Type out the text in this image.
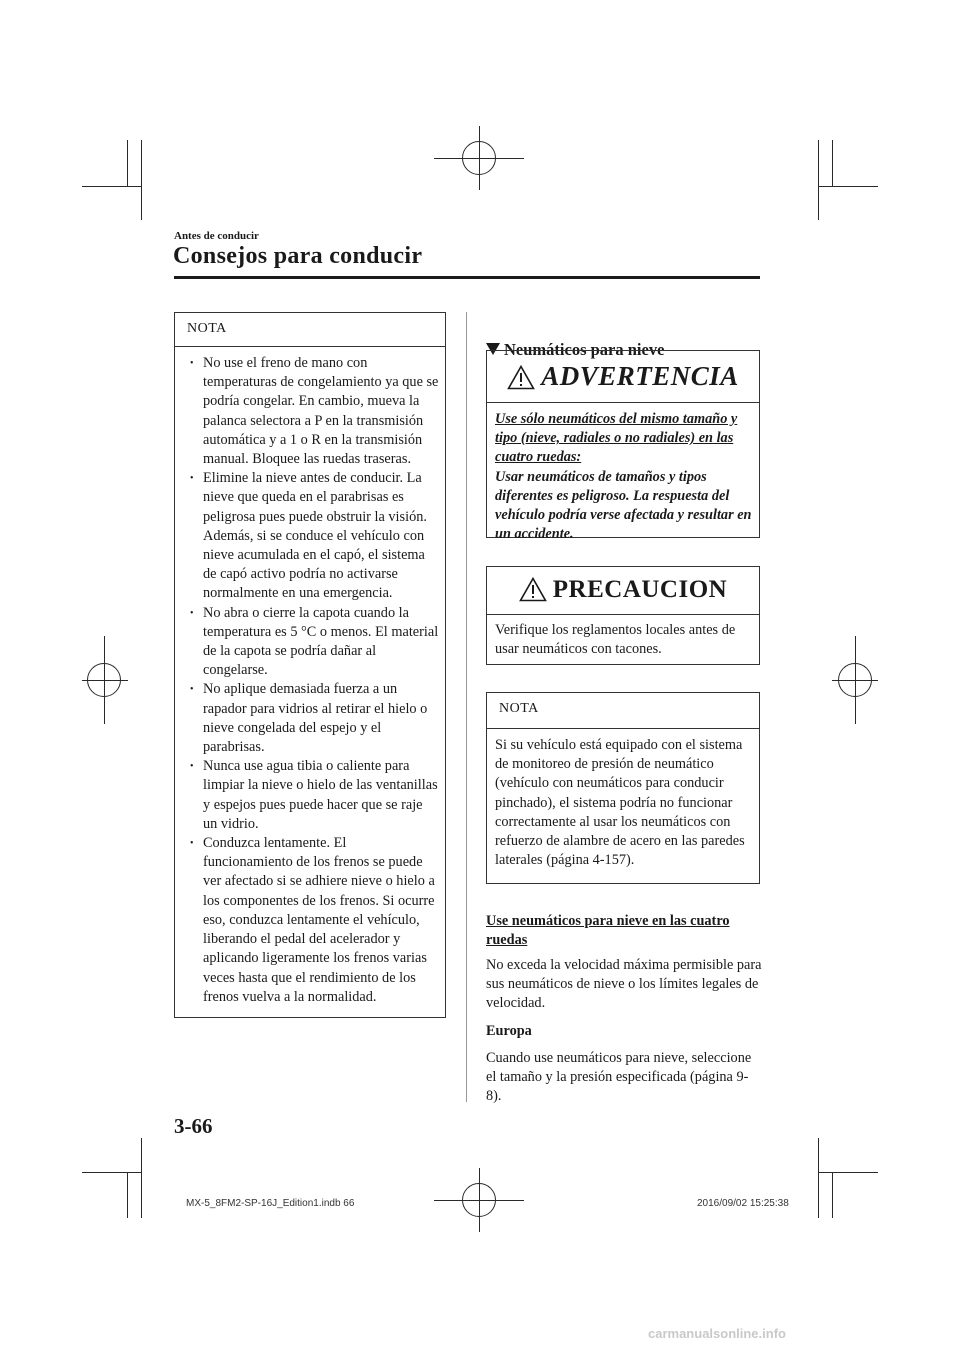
Antes de conducir
Consejos para conducir
NOTA
• No use el freno de mano con temperaturas de congelamiento ya que se podría congelar. En cambio, mueva la palanca selectora a P en la transmisión automática y a 1 o R en la transmisión manual. Bloquee las ruedas traseras.
• Elimine la nieve antes de conducir. La nieve que queda en el parabrisas es peligrosa pues puede obstruir la visión. Además, si se conduce el vehículo con nieve acumulada en el capó, el sistema de capó activo podría no activarse normalmente en una emergencia.
• No abra o cierre la capota cuando la temperatura es 5 °C o menos. El material de la capota se podría dañar al congelarse.
• No aplique demasiada fuerza a un rapador para vidrios al retirar el hielo o nieve congelada del espejo y el parabrisas.
• Nunca use agua tibia o caliente para limpiar la nieve o hielo de las ventanillas y espejos pues puede hacer que se raje un vidrio.
• Conduzca lentamente. El funcionamiento de los frenos se puede ver afectado si se adhiere nieve o hielo a los componentes de los frenos. Si ocurre eso, conduzca lentamente el vehículo, liberando el pedal del acelerador y aplicando ligeramente los frenos varias veces hasta que el rendimiento de los frenos vuelva a la normalidad.
Neumáticos para nieve
ADVERTENCIA
Use sólo neumáticos del mismo tamaño y tipo (nieve, radiales o no radiales) en las cuatro ruedas:
Usar neumáticos de tamaños y tipos diferentes es peligroso. La respuesta del vehículo podría verse afectada y resultar en un accidente.
PRECAUCION
Verifique los reglamentos locales antes de usar neumáticos con tacones.
NOTA
Si su vehículo está equipado con el sistema de monitoreo de presión de neumático (vehículo con neumáticos para conducir pinchado), el sistema podría no funcionar correctamente al usar los neumáticos con refuerzo de alambre de acero en las paredes laterales (página 4-157).
Use neumáticos para nieve en las cuatro ruedas
No exceda la velocidad máxima permisible para sus neumáticos de nieve o los límites legales de velocidad.
Europa
Cuando use neumáticos para nieve, seleccione el tamaño y la presión especificada (página 9-8).
3-66
MX-5_8FM2-SP-16J_Edition1.indb 66	2016/09/02 15:25:38
carmanualsonline.info
